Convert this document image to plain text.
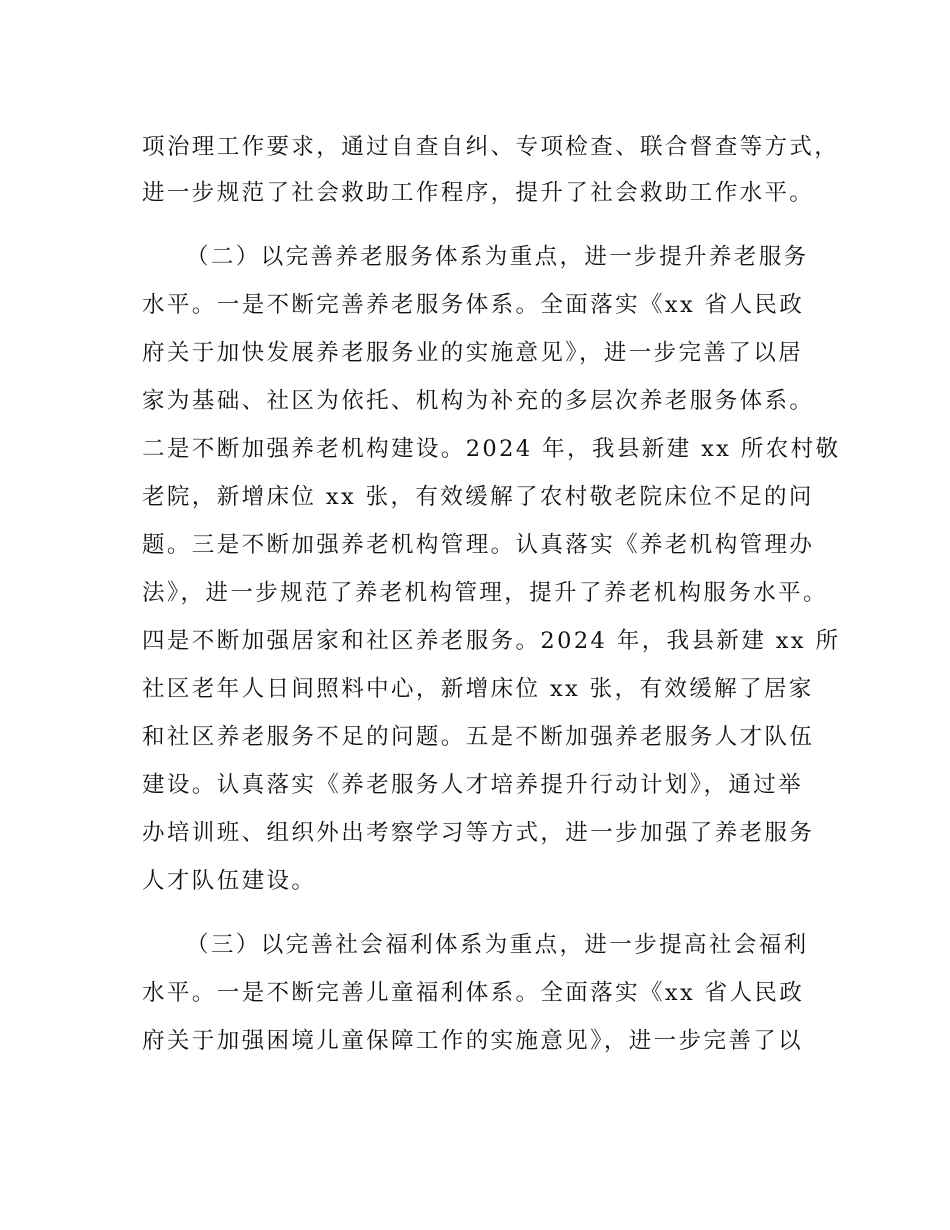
项治理工作要求，通过自查自纠、专项检查、联合督查等方式，
进一步规范了社会救助工作程序，提升了社会救助工作水平。
（二）以完善养老服务体系为重点，进一步提升养老服务
水平。一是不断完善养老服务体系。全面落实《xx 省人民政
府关于加快发展养老服务业的实施意见》，进一步完善了以居
家为基础、社区为依托、机构为补充的多层次养老服务体系。
二是不断加强养老机构建设。2024 年，我县新建 xx 所农村敬
老院，新增床位 xx 张，有效缓解了农村敬老院床位不足的问
题。三是不断加强养老机构管理。认真落实《养老机构管理办
法》，进一步规范了养老机构管理，提升了养老机构服务水平。
四是不断加强居家和社区养老服务。2024 年，我县新建 xx 所
社区老年人日间照料中心，新增床位 xx 张，有效缓解了居家
和社区养老服务不足的问题。五是不断加强养老服务人才队伍
建设。认真落实《养老服务人才培养提升行动计划》，通过举
办培训班、组织外出考察学习等方式，进一步加强了养老服务
人才队伍建设。
（三）以完善社会福利体系为重点，进一步提高社会福利
水平。一是不断完善儿童福利体系。全面落实《xx 省人民政
府关于加强困境儿童保障工作的实施意见》，进一步完善了以
